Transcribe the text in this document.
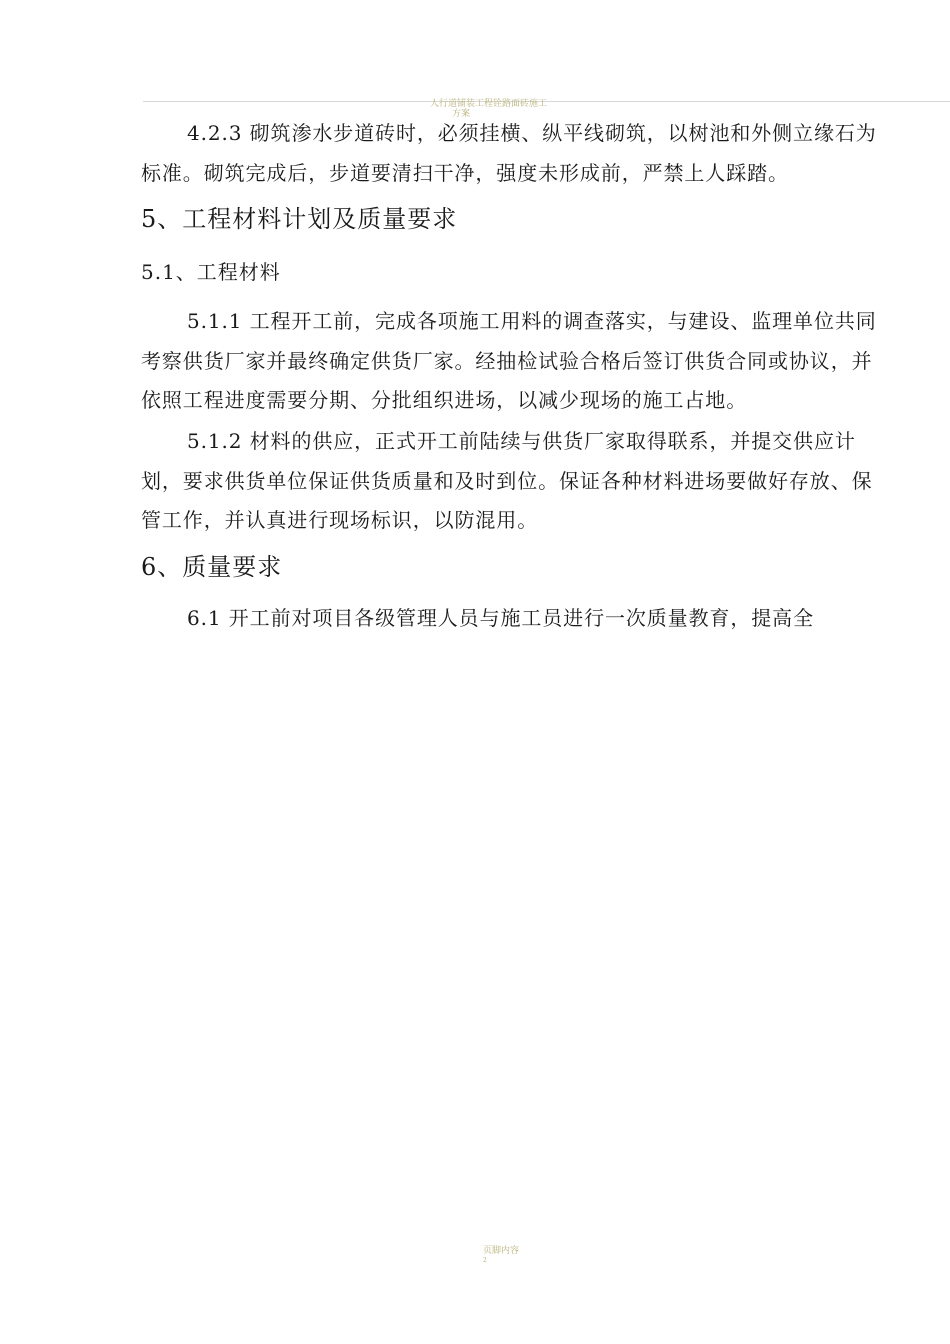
人行道铺装工程铨路面砖施工
方案

4.2.3 砌筑渗水步道砖时，必须挂横、纵平线砌筑，以树池和外侧立缘石为标准。砌筑完成后，步道要清扫干净，强度未形成前，严禁上人踩踏。

5、工程材料计划及质量要求
5.1、工程材料

5.1.1 工程开工前，完成各项施工用料的调查落实，与建设、监理单位共同考察供货厂家并最终确定供货厂家。经抽检试验合格后签订供货合同或协议，并依照工程进度需要分期、分批组织进场，以减少现场的施工占地。

5.1.2 材料的供应，正式开工前陆续与供货厂家取得联系，并提交供应计划，要求供货单位保证供货质量和及时到位。保证各种材料进场要做好存放、保管工作，并认真进行现场标识，以防混用。

6、质量要求

6.1 开工前对项目各级管理人员与施工员进行一次质量教育，提高全

页脚内容
2
